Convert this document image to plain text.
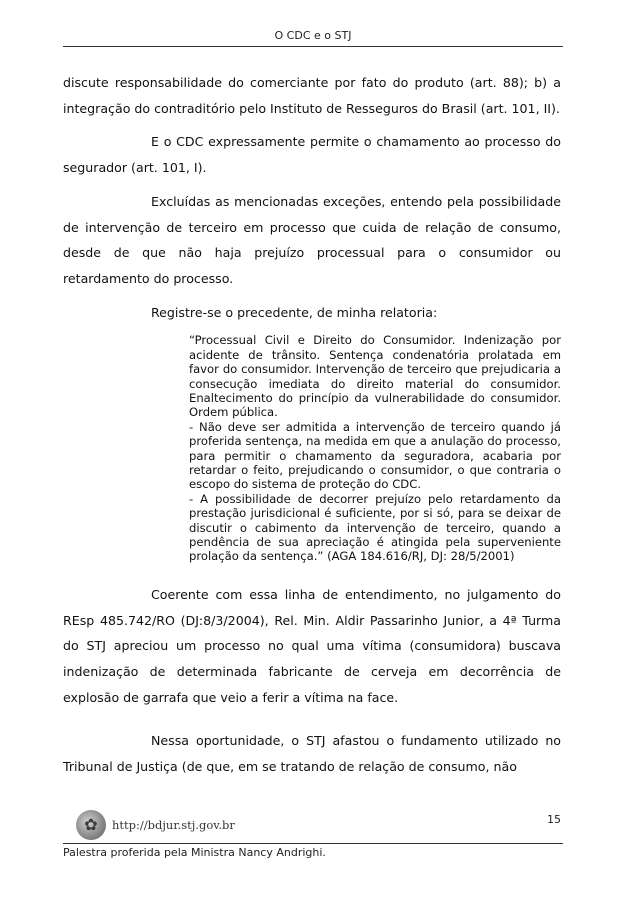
O CDC e o STJ

discute responsabilidade do comerciante por fato do produto (art. 88); b) a integração do contraditório pelo Instituto de Resseguros do Brasil (art. 101, II).

E o CDC expressamente permite o chamamento ao processo do segurador (art. 101, I).

Excluídas as mencionadas exceções, entendo pela possibilidade de intervenção de terceiro em processo que cuida de relação de consumo, desde de que não haja prejuízo processual para o consumidor ou retardamento do processo.

Registre-se o precedente, de minha relatoria:

“Processual Civil e Direito do Consumidor. Indenização por acidente de trânsito. Sentença condenatória prolatada em favor do consumidor. Intervenção de terceiro que prejudicaria a consecução imediata do direito material do consumidor. Enaltecimento do princípio da vulnerabilidade do consumidor. Ordem pública.
- Não deve ser admitida a intervenção de terceiro quando já proferida sentença, na medida em que a anulação do processo, para permitir o chamamento da seguradora, acabaria por retardar o feito, prejudicando o consumidor, o que contraria o escopo do sistema de proteção do CDC.
- A possibilidade de decorrer prejuízo pelo retardamento da prestação jurisdicional é suficiente, por si só, para se deixar de discutir o cabimento da intervenção de terceiro, quando a pendência de sua apreciação é atingida pela superveniente prolação da sentença.” (AGA 184.616/RJ, DJ: 28/5/2001)

Coerente com essa linha de entendimento, no julgamento do REsp 485.742/RO (DJ:8/3/2004), Rel. Min. Aldir Passarinho Junior, a 4ª Turma do STJ apreciou um processo no qual uma vítima (consumidora) buscava indenização de determinada fabricante de cerveja em decorrência de explosão de garrafa que veio a ferir a vítima na face.

Nessa oportunidade, o STJ afastou o fundamento utilizado no Tribunal de Justiça (de que, em se tratando de relação de consumo, não

15
✿	http://bdjur.stj.gov.br
Palestra proferida pela Ministra Nancy Andrighi.
